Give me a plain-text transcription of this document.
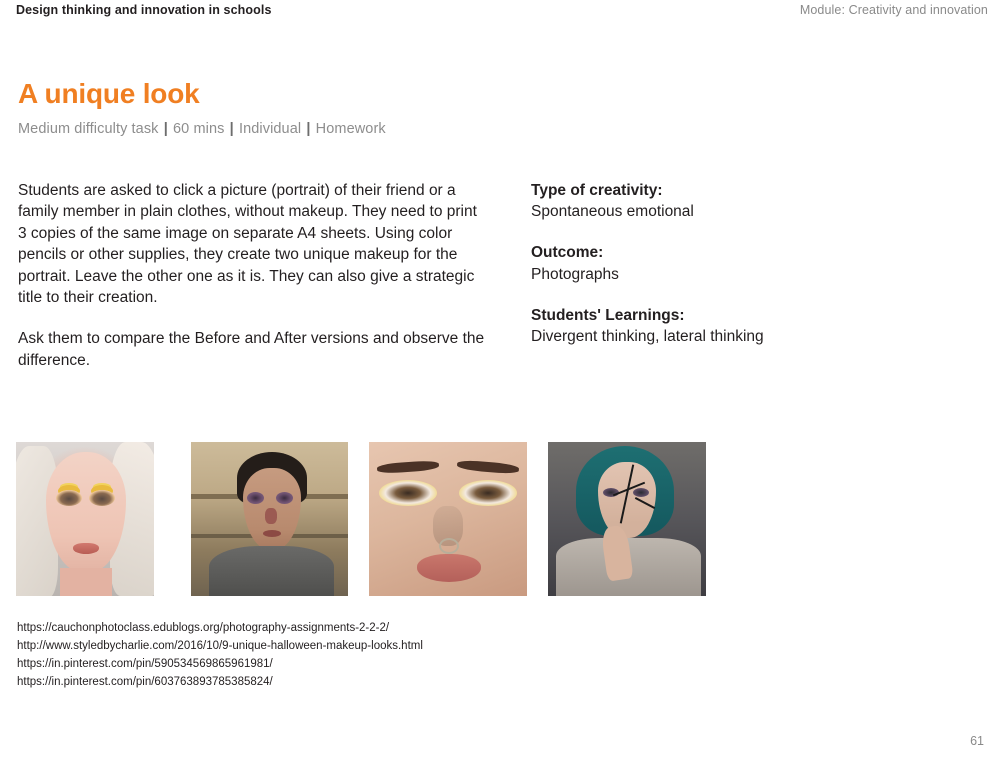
Design thinking and innovation in schools	Module: Creativity and innovation
A unique look
Medium difficulty task | 60 mins | Individual | Homework

Students are asked to click a picture (portrait) of their friend or a family member in plain clothes, without makeup. They need to print 3 copies of the same image on separate A4 sheets. Using color pencils or other supplies, they create two unique makeup for the portrait. Leave the other one as it is. They can also give a strategic title to their creation.

Ask them to compare the Before and After versions and observe the difference.

Type of creativity:
Spontaneous emotional
Outcome:
Photographs
Students' Learnings:
Divergent thinking, lateral thinking
https://cauchonphotoclass.edublogs.org/photography-assignments-2-2-2/
http://www.styledbycharlie.com/2016/10/9-unique-halloween-makeup-looks.html
https://in.pinterest.com/pin/590534569865961981/
https://in.pinterest.com/pin/603763893785385824/
61
